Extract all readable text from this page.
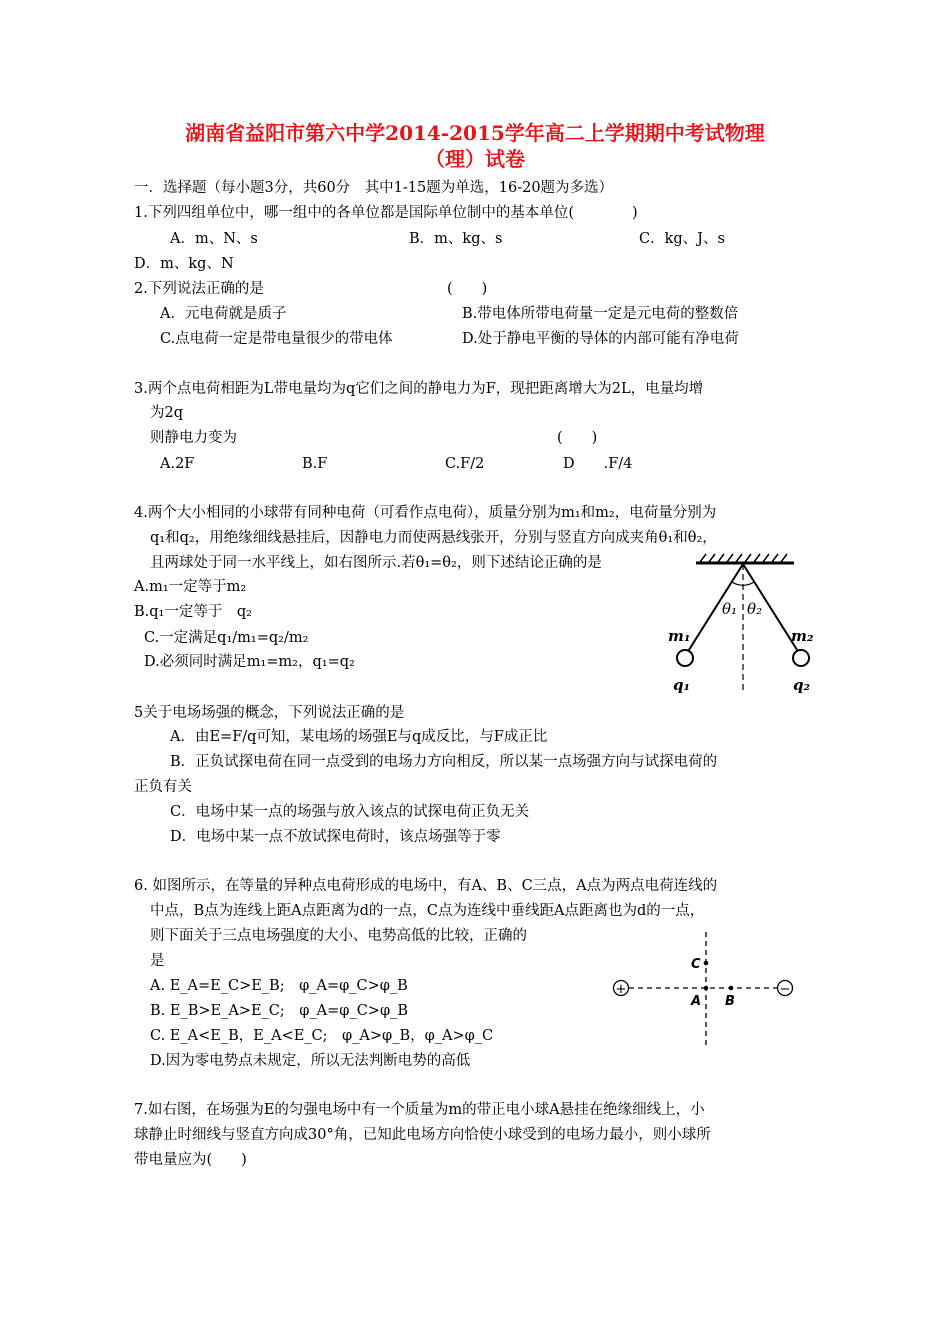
湖南省益阳市第六中学2014-2015学年高二上学期期中考试物理
（理）试卷
一．选择题（每小题3分，共60分　其中1-15题为单选，16-20题为多选）
1.下列四组单位中，哪一组中的各单位都是国际单位制中的基本单位(　　　　)
A．m、N、s	B．m、kg、s	C．kg、J、s
D．m、kg、N
2.下列说法正确的是	(　　)
A．元电荷就是质子	B.带电体所带电荷量一定是元电荷的整数倍
C.点电荷一定是带电量很少的带电体	D.处于静电平衡的导体的内部可能有净电荷
3.两个点电荷相距为L带电量均为q它们之间的静电力为F，现把距离增大为2L，电量均增
为2q
则静电力变为	(　　)
A.2F	B.F	C.F/2	D　　.F/4
4.两个大小相同的小球带有同种电荷（可看作点电荷），质量分别为m₁和m₂，电荷量分别为
q₁和q₂，用绝缘细线悬挂后，因静电力而使两悬线张开，分别与竖直方向成夹角θ₁和θ₂，
且两球处于同一水平线上，如右图所示.若θ₁=θ₂，则下述结论正确的是
A.m₁一定等于m₂
B.q₁一定等于　q₂
C.一定满足q₁/m₁=q₂/m₂
D.必须同时满足m₁=m₂，q₁=q₂
θ₁ θ₂
m₁	m₂
q₁	q₂
5关于电场场强的概念，下列说法正确的是
A．由E=F/q可知，某电场的场强E与q成反比，与F成正比
B．正负试探电荷在同一点受到的电场力方向相反，所以某一点场强方向与试探电荷的
正负有关
C．电场中某一点的场强与放入该点的试探电荷正负无关
D．电场中某一点不放试探电荷时，该点场强等于零
6. 如图所示，在等量的异种点电荷形成的电场中，有A、B、C三点，A点为两点电荷连线的
中点，B点为连线上距A点距离为d的一点，C点为连线中垂线距A点距离也为d的一点，
则下面关于三点电场强度的大小、电势高低的比较，正确的
是
A. E_A=E_C>E_B;　φ_A=φ_C>φ_B
B. E_B>E_A>E_C;　φ_A=φ_C>φ_B
C. E_A<E_B，E_A<E_C;　φ_A>φ_B，φ_A>φ_C
D.因为零电势点未规定，所以无法判断电势的高低
+	−
C
A B
7.如右图，在场强为E的匀强电场中有一个质量为m的带正电小球A悬挂在绝缘细线上，小
球静止时细线与竖直方向成30°角，已知此电场方向恰使小球受到的电场力最小，则小球所
带电量应为(　　)
